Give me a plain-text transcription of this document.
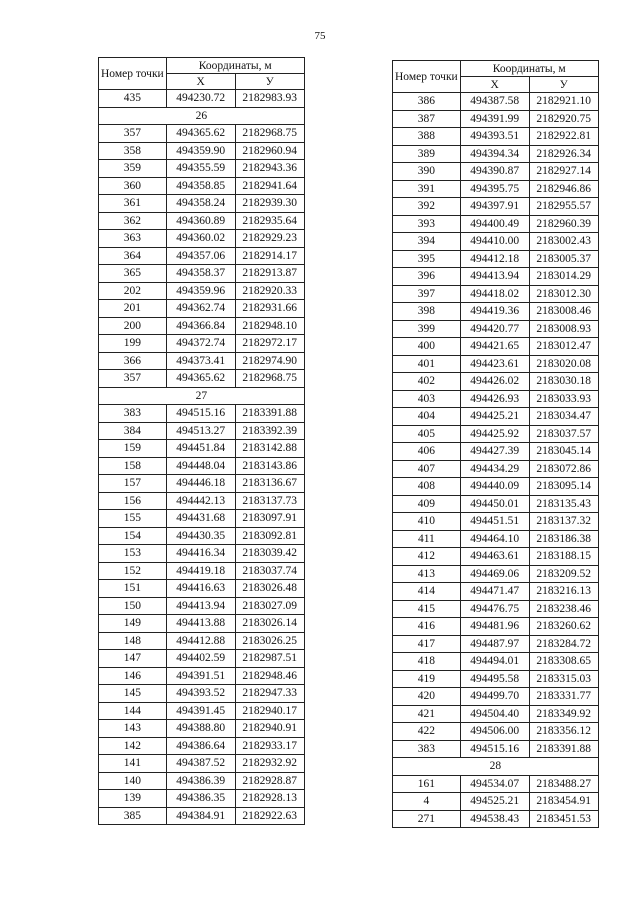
75
Номер точки	Координаты, м	
	X	У
435	494230.72	2182983.93
26		
357	494365.62	2182968.75
358	494359.90	2182960.94
359	494355.59	2182943.36
360	494358.85	2182941.64
361	494358.24	2182939.30
362	494360.89	2182935.64
363	494360.02	2182929.23
364	494357.06	2182914.17
365	494358.37	2182913.87
202	494359.96	2182920.33
201	494362.74	2182931.66
200	494366.84	2182948.10
199	494372.74	2182972.17
366	494373.41	2182974.90
357	494365.62	2182968.75
27		
383	494515.16	2183391.88
384	494513.27	2183392.39
159	494451.84	2183142.88
158	494448.04	2183143.86
157	494446.18	2183136.67
156	494442.13	2183137.73
155	494431.68	2183097.91
154	494430.35	2183092.81
153	494416.34	2183039.42
152	494419.18	2183037.74
151	494416.63	2183026.48
150	494413.94	2183027.09
149	494413.88	2183026.14
148	494412.88	2183026.25
147	494402.59	2182987.51
146	494391.51	2182948.46
145	494393.52	2182947.33
144	494391.45	2182940.17
143	494388.80	2182940.91
142	494386.64	2182933.17
141	494387.52	2182932.92
140	494386.39	2182928.87
139	494386.35	2182928.13
385	494384.91	2182922.63
Номер точки	Координаты, м	
	X	У
386	494387.58	2182921.10
387	494391.99	2182920.75
388	494393.51	2182922.81
389	494394.34	2182926.34
390	494390.87	2182927.14
391	494395.75	2182946.86
392	494397.91	2182955.57
393	494400.49	2182960.39
394	494410.00	2183002.43
395	494412.18	2183005.37
396	494413.94	2183014.29
397	494418.02	2183012.30
398	494419.36	2183008.46
399	494420.77	2183008.93
400	494421.65	2183012.47
401	494423.61	2183020.08
402	494426.02	2183030.18
403	494426.93	2183033.93
404	494425.21	2183034.47
405	494425.92	2183037.57
406	494427.39	2183045.14
407	494434.29	2183072.86
408	494440.09	2183095.14
409	494450.01	2183135.43
410	494451.51	2183137.32
411	494464.10	2183186.38
412	494463.61	2183188.15
413	494469.06	2183209.52
414	494471.47	2183216.13
415	494476.75	2183238.46
416	494481.96	2183260.62
417	494487.97	2183284.72
418	494494.01	2183308.65
419	494495.58	2183315.03
420	494499.70	2183331.77
421	494504.40	2183349.92
422	494506.00	2183356.12
383	494515.16	2183391.88
28		
161	494534.07	2183488.27
4	494525.21	2183454.91
271	494538.43	2183451.53
